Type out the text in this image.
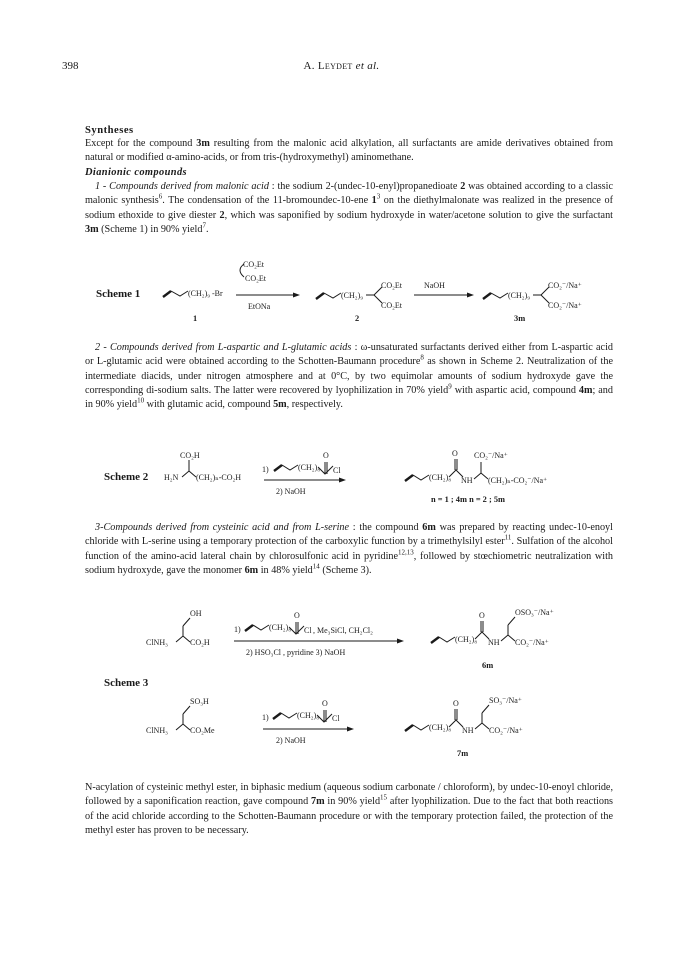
398	A. Leydet et al.
Syntheses
Except for the compound 3m resulting from the malonic acid alkylation, all surfactants are amide derivatives obtained from natural or modified α-amino-acids, or from tris-(hydroxymethyl) aminomethane.
Dianionic compounds
1 - Compounds derived from malonic acid : the sodium 2-(undec-10-enyl)propanedioate 2 was obtained according to a classic malonic synthesis$^6$. The condensation of the 11-bromoundec-10-ene $1^3$ on the diethylmalonate was realized in the presence of sodium ethoxide to give diester 2, which was saponified by sodium hydroxyde in water/acetone solution to give the surfactant 3m (Scheme 1) in 90% yield$^7$.
Scheme 1	(CH₂)₉ -Br
1
CO₂Et
CO₂Et
EtONa
(CH₂)₉
CO₂Et
CO₂Et
2
NaOH
(CH₂)₉
CO₂⁻/Na⁺
CO₂⁻/Na⁺
3m
2 - Compounds derived from L-aspartic and L-glutamic acids : ω-unsaturated surfactants derived either from L-aspartic acid or L-glutamic acid were obtained according to the Schotten-Baumann procedure$^8$ as shown in Scheme 2. Neutralization of the intermediate diacids, under nitrogen atmosphere and at 0°C, by two equimolar amounts of sodium hydroxyde gave the corresponding di-sodium salts. The latter were recovered by lyophilization in 70% yield$^9$ with aspartic acid, compound 4m; and in 90% yield$^{10}$ with glutamic acid, compound 5m, respectively.
Scheme 2 H₂N
CO₂H
(CH₂)ₙ-CO₂H
1)	(CH₂)₈
O
Cl
2) NaOH
(CH₂)₈
O
NH
CO₂⁻/Na⁺
(CH₂)ₙ-CO₂⁻/Na⁺
n = 1 ; 4m n = 2 ; 5m
3-Compounds derived from cysteinic acid and from L-serine : the compound 6m was prepared by reacting undec-10-enoyl chloride with L-serine using a temporary protection of the carboxylic function by a trimethylsilyl ester$^{11}$. Sulfation of the alcohol function of the amino-acid lateral chain by chlorosulfonic acid in pyridine$^{12,13}$, followed by stœchiometric neutralization with sodium hydroxyde, gave the monomer 6m in 48% yield$^{14}$ (Scheme 3).
OH
ClNH₃	CO₂H
1)	(CH₂)₈
O
Cl , Me₃SiCl, CH₂Cl₂
2) HSO₃Cl , pyridine 3) NaOH
(CH₂)₈
O
NH
OSO₃⁻/Na⁺
CO₂⁻/Na⁺
6m
Scheme 3
SO₃H
ClNH₃	CO₂Me
1)	(CH₂)₈
O
Cl
2) NaOH
(CH₂)₈
O
NH
SO₃⁻/Na⁺
CO₂⁻/Na⁺
7m
N-acylation of cysteinic methyl ester, in biphasic medium (aqueous sodium carbonate / chloroform), by undec-10-enoyl chloride, followed by a saponification reaction, gave compound 7m in 90% yield$^{15}$ after lyophilization. Due to the fact that both reactions of the acid chloride according to the Schotten-Baumann procedure or with the temporary protection failed, the protection of the methyl ester has proven to be necessary.
